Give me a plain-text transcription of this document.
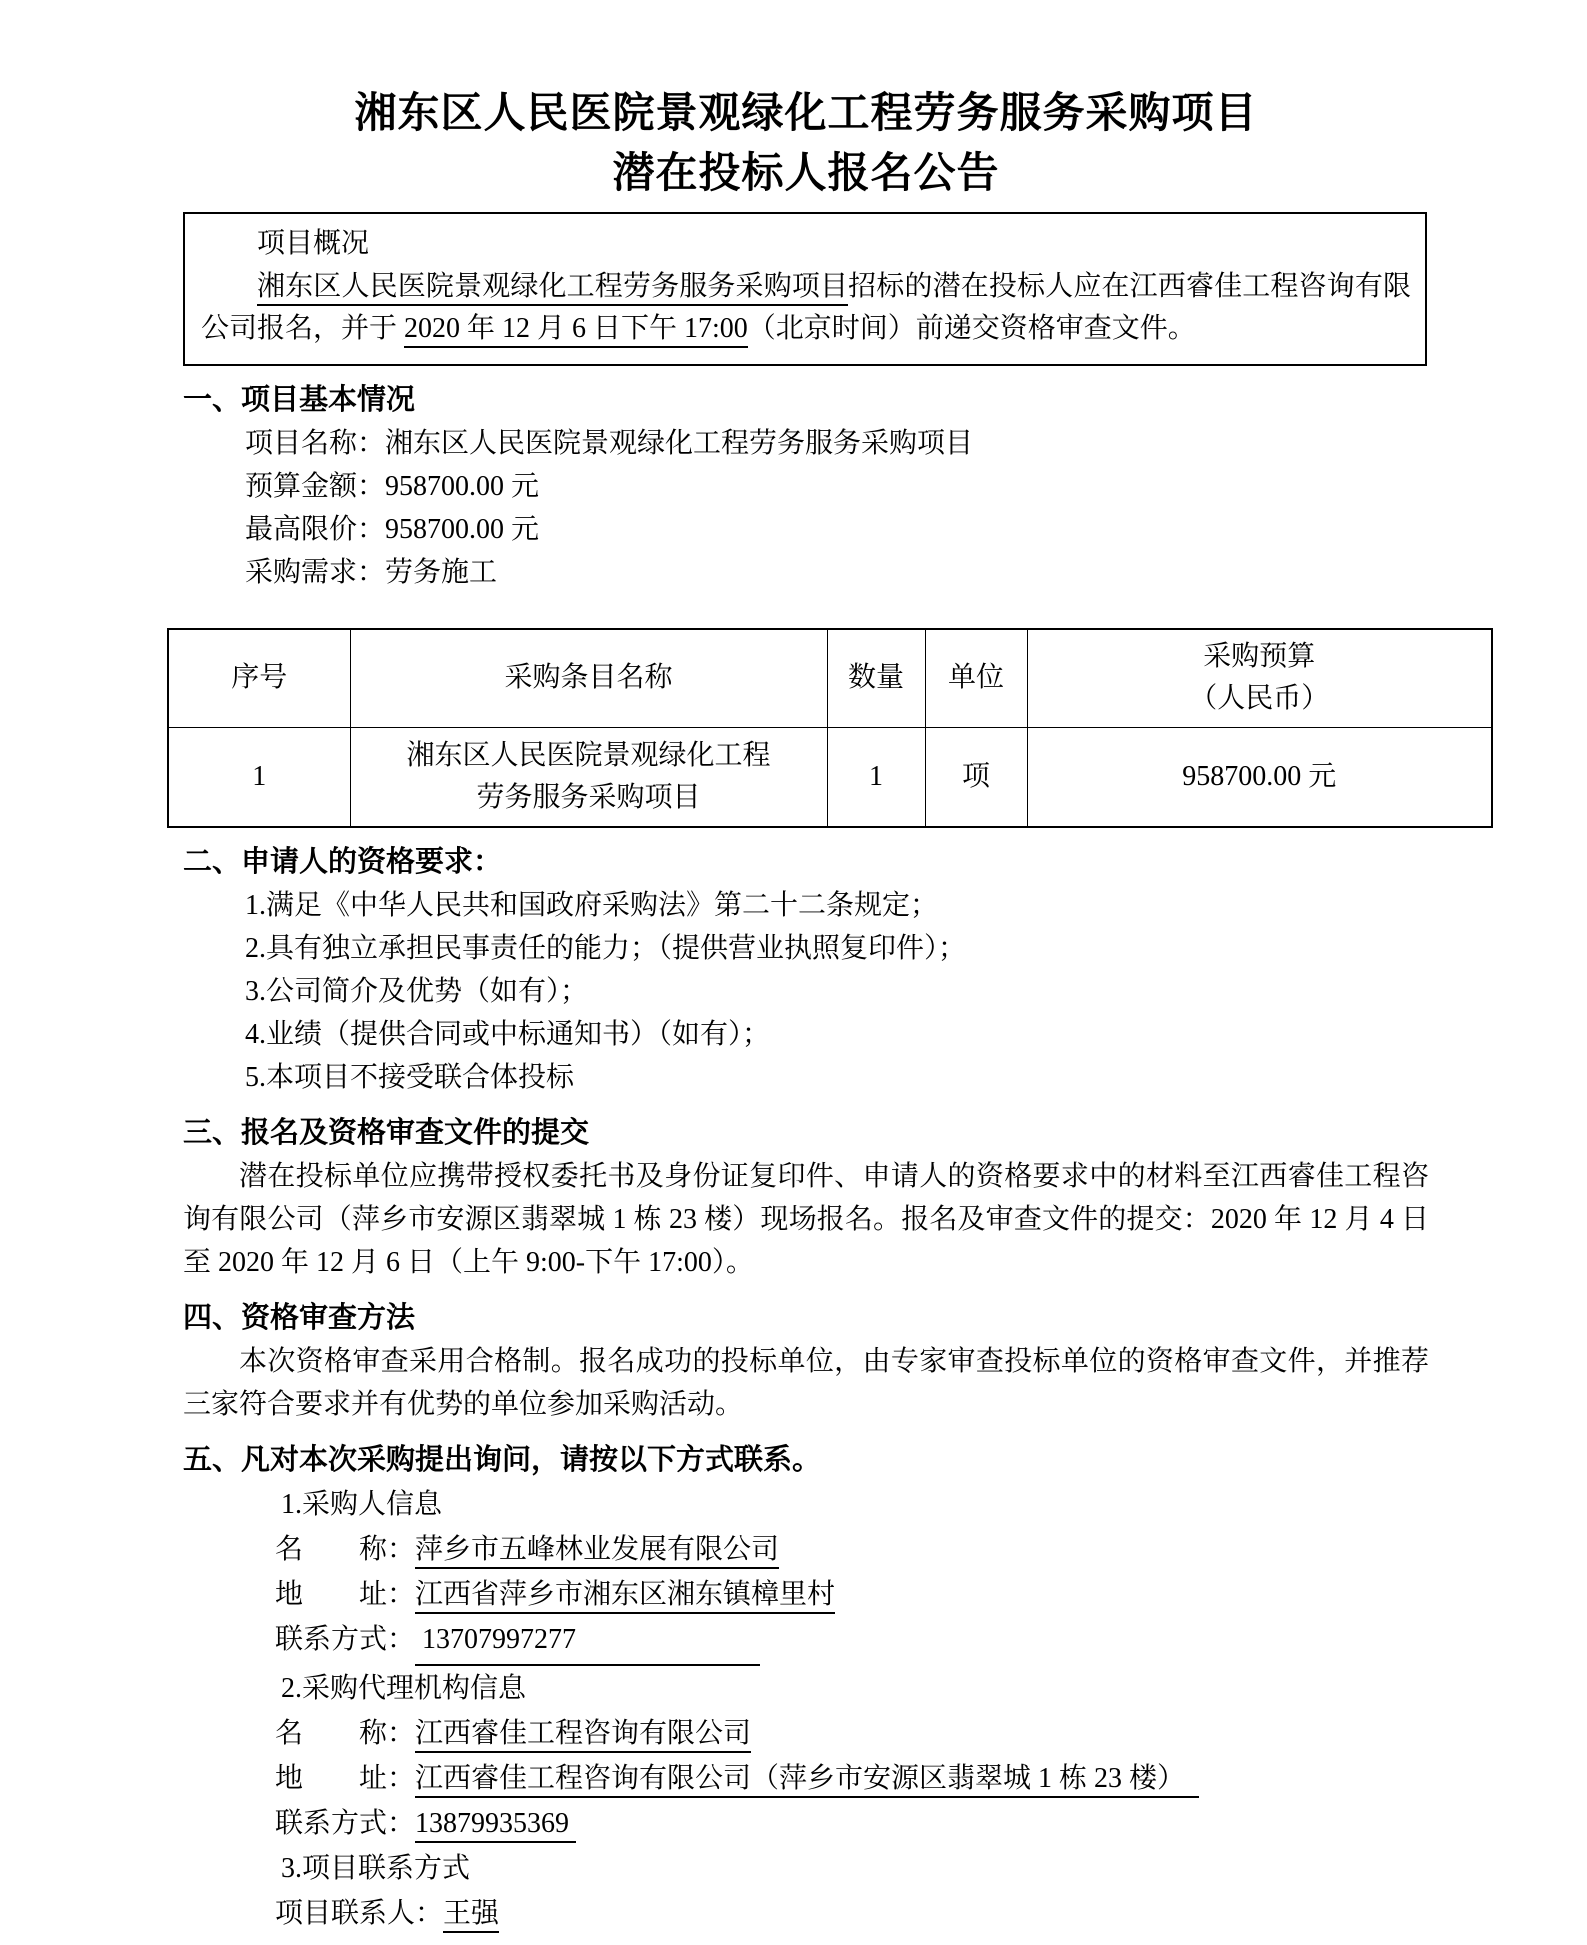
湘东区人民医院景观绿化工程劳务服务采购项目
潜在投标人报名公告
项目概况

湘东区人民医院景观绿化工程劳务服务采购项目招标的潜在投标人应在江西睿佳工程咨询有限公司报名，并于 2020 年 12 月 6 日下午 17:00（北京时间）前递交资格审查文件。

一、项目基本情况
项目名称：湘东区人民医院景观绿化工程劳务服务采购项目
预算金额：958700.00 元
最高限价：958700.00 元
采购需求：劳务施工
序号	采购条目名称	数量	单位	采购预算
（人民币）

1	湘东区人民医院景观绿化工程劳务服务采购项目	1	项	958700.00 元
二、申请人的资格要求：
1.满足《中华人民共和国政府采购法》第二十二条规定；
2.具有独立承担民事责任的能力；（提供营业执照复印件）；
3.公司简介及优势（如有）；
4.业绩（提供合同或中标通知书）（如有）；
5.本项目不接受联合体投标
三、报名及资格审查文件的提交

潜在投标单位应携带授权委托书及身份证复印件、申请人的资格要求中的材料至江西睿佳工程咨询有限公司（萍乡市安源区翡翠城 1 栋 23 楼）现场报名。报名及审查文件的提交：2020 年 12 月 4 日至 2020 年 12 月 6 日（上午 9:00-下午 17:00）。

四、资格审查方法

本次资格审查采用合格制。报名成功的投标单位，由专家审查投标单位的资格审查文件，并推荐三家符合要求并有优势的单位参加采购活动。

五、凡对本次采购提出询问，请按以下方式联系。
1.采购人信息
名　　称：萍乡市五峰林业发展有限公司
地　　址：江西省萍乡市湘东区湘东镇樟里村
联系方式： 13707997277
2.采购代理机构信息
名　　称：江西睿佳工程咨询有限公司
地　　址：江西睿佳工程咨询有限公司（萍乡市安源区翡翠城 1 栋 23 楼）
联系方式：13879935369
3.项目联系方式
项目联系人：王强
